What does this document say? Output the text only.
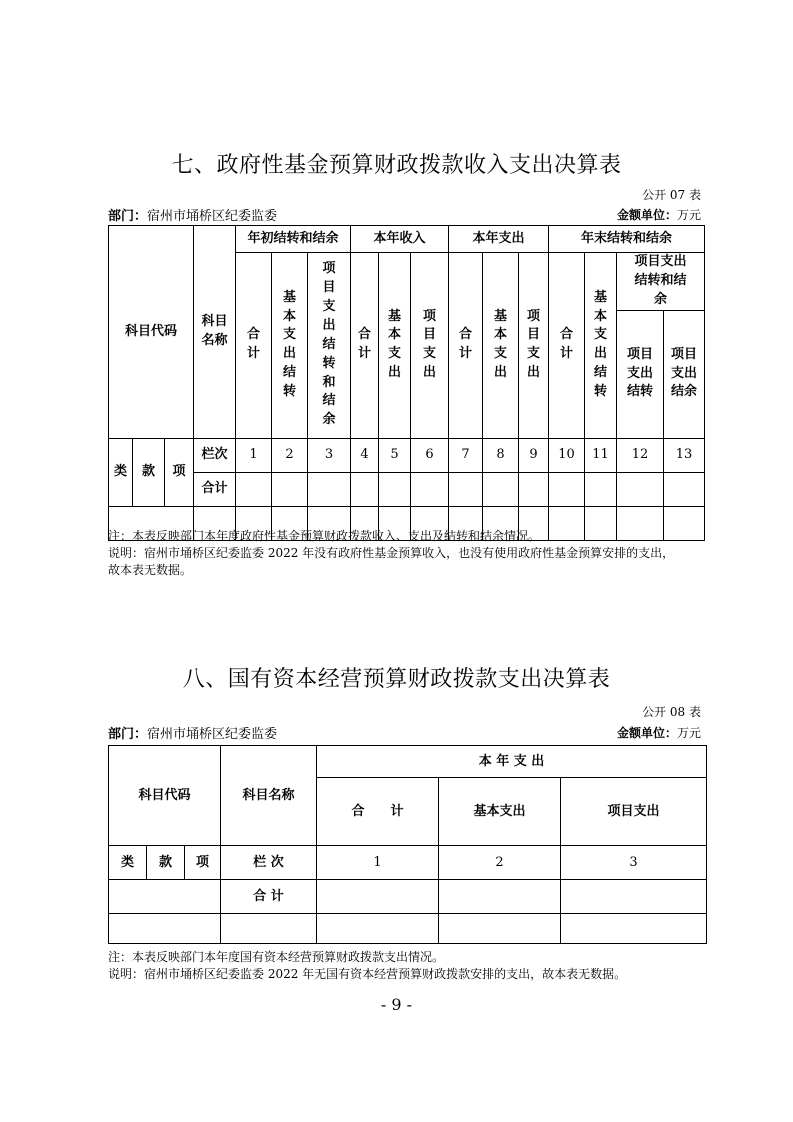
七、政府性基金预算财政拨款收入支出决算表
公开 07 表
部门：宿州市埇桥区纪委监委	金额单位：万元
科目代码			科目名称	年初结转和结余			本年收入			本年支出			年末结转和结余			
				合计	基本支出结转	项目支出结转和结余	合计	基本支出	项目支出	合计	基本支出	项目支出	合计	基本支出结转	项目支出结转和结余	
															项目支出结转	项目支出结余
类	款	项	栏次	1	2	3	4	5	6	7	8	9	10	11	12	13
			合计													

注：本表反映部门本年度政府性基金预算财政拨款收入、支出及结转和结余情况。
说明：宿州市埇桥区纪委监委 2022 年没有政府性基金预算收入，也没有使用政府性基金预算安排的支出，
故本表无数据。
八、国有资本经营预算财政拨款支出决算表
公开 08 表
部门：宿州市埇桥区纪委监委	金额单位：万元
科目代码			科目名称	本 年 支 出		
				合　　计	基本支出	项目支出
类	款	项	栏 次	1	2	3
			合 计			

注：本表反映部门本年度国有资本经营预算财政拨款支出情况。
说明：宿州市埇桥区纪委监委 2022 年无国有资本经营预算财政拨款安排的支出，故本表无数据。
- 9 -
